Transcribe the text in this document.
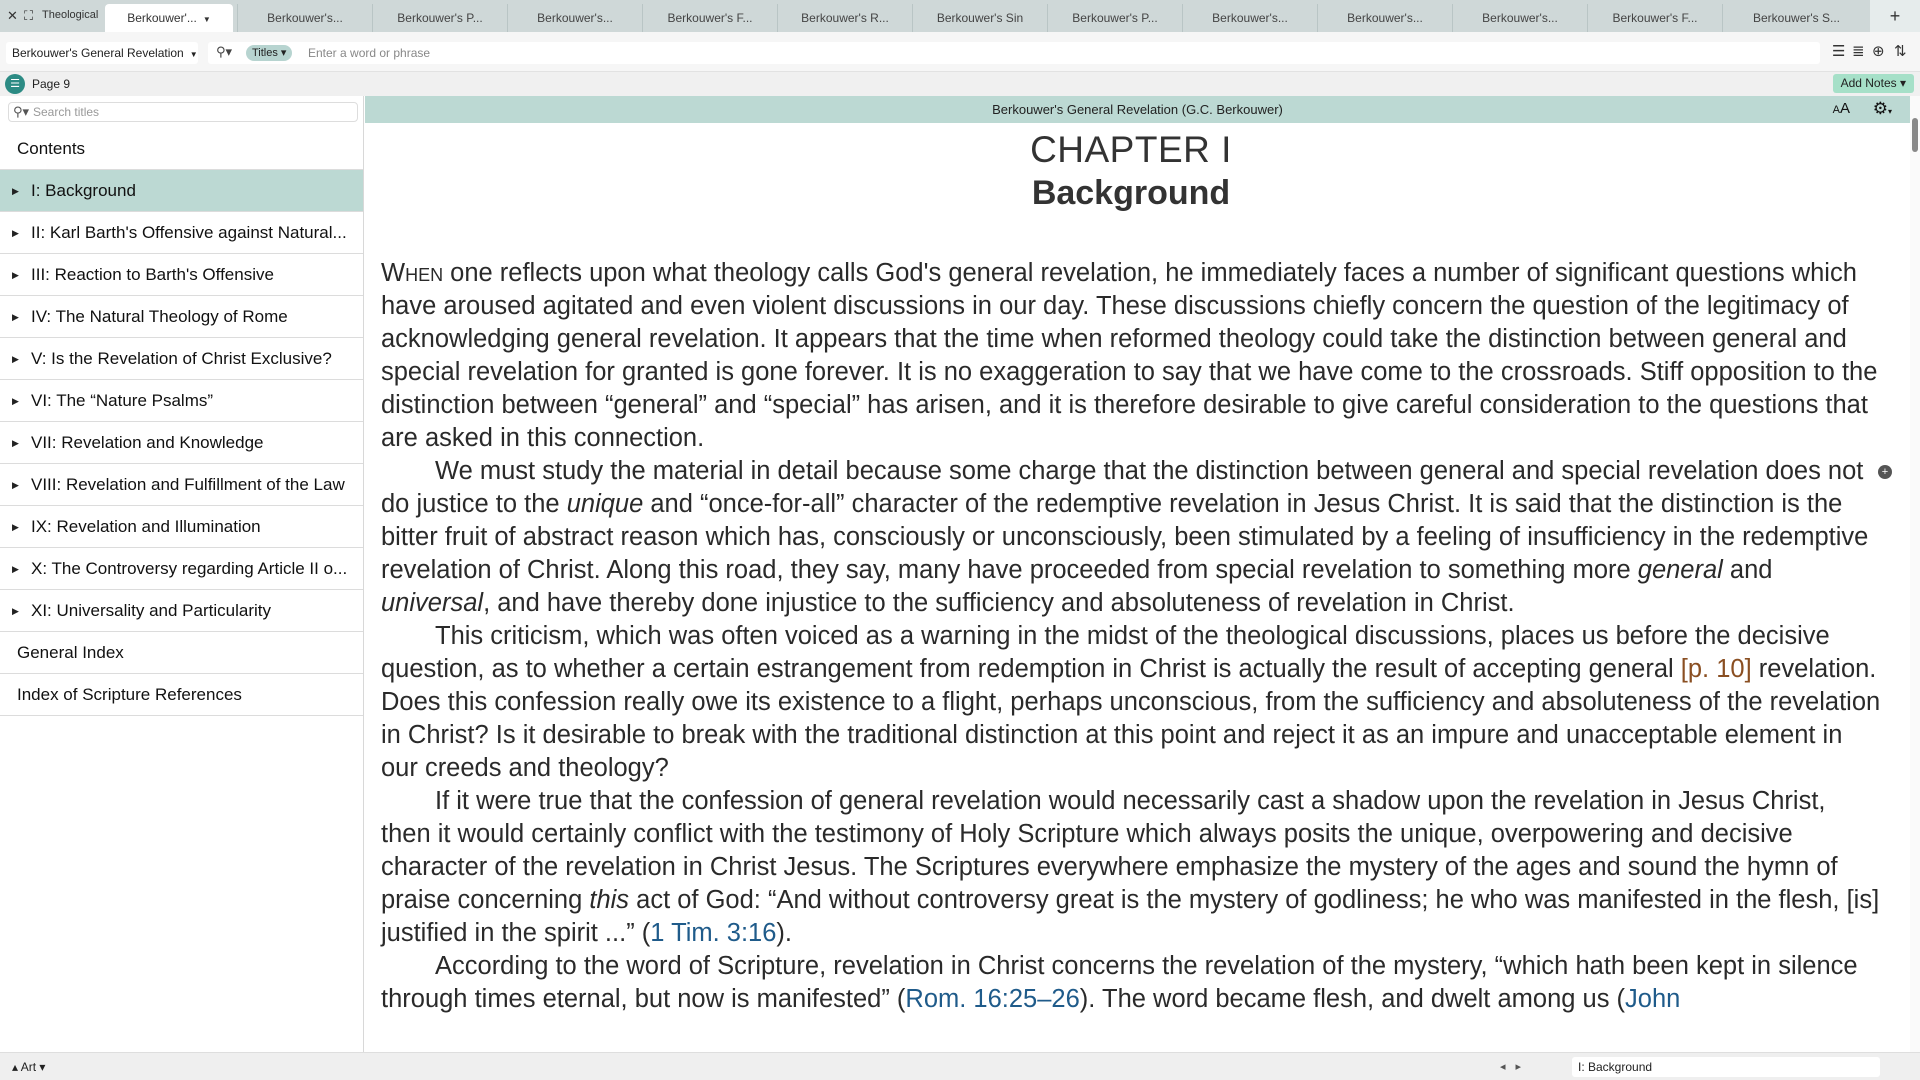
✕ ⛶ Theological	Berkouwer'... ▼	Berkouwer's...	Berkouwer's P...	Berkouwer's...	Berkouwer's F...	Berkouwer's R...	Berkouwer's Sin	Berkouwer's P...	Berkouwer's...	Berkouwer's...	Berkouwer's...	Berkouwer's F...	Berkouwer's S...	+
Berkouwer's General Revelation ▼ ⚲▾	Titles ▾
Enter a word or phrase	☰ ≣ ⊕ ⇅
☰	Page 9	Add Notes ▾
⚲▾
Search titles
Contents
▶ I: Background
▶ II: Karl Barth's Offensive against Natural...
▶ III: Reaction to Barth's Offensive
▶ IV: The Natural Theology of Rome
▶ V: Is the Revelation of Christ Exclusive?
▶ VI: The “Nature Psalms”
▶ VII: Revelation and Knowledge
▶ VIII: Revelation and Fulfillment of the Law
▶ IX: Revelation and Illumination
▶ X: The Controversy regarding Article II o...
▶ XI: Universality and Particularity
General Index
Index of Scripture References
Berkouwer's General Revelation (G.C. Berkouwer)	AA ⚙▾
CHAPTER I
Background

When one reflects upon what theology calls God's general revelation, he immediately faces a number of significant questions which have aroused agitated and even violent discussions in our day. These discussions chiefly concern the question of the legitimacy of acknowledging general revelation. It appears that the time when reformed theology could take the distinction between general and special revelation for granted is gone forever. It is no exaggeration to say that we have come to the crossroads. Stiff opposition to the distinction between “general” and “special” has arisen, and it is therefore desirable to give careful consideration to the questions that are asked in this connection.

We must study the material in detail because some charge that the distinction between general and special revelation does not do justice to the unique and “once-for-all” character of the redemptive revelation in Jesus Christ. It is said that the distinction is the bitter fruit of abstract reason which has, consciously or unconsciously, been stimulated by a feeling of insufficiency in the redemptive revelation of Christ. Along this road, they say, many have proceeded from special revelation to something more general and universal, and have thereby done injustice to the sufficiency and absoluteness of revelation in Christ.

This criticism, which was often voiced as a warning in the midst of the theological discussions, places us before the decisive question, as to whether a certain estrangement from redemption in Christ is actually the result of accepting general [p. 10] revelation. Does this confession really owe its existence to a flight, perhaps unconscious, from the sufficiency and absoluteness of the revelation in Christ? Is it desirable to break with the traditional distinction at this point and reject it as an impure and unacceptable element in our creeds and theology?

If it were true that the confession of general revelation would necessarily cast a shadow upon the revelation in Jesus Christ, then it would certainly conflict with the testimony of Holy Scripture which always posits the unique, overpowering and decisive character of the revelation in Christ Jesus. The Scriptures everywhere emphasize the mystery of the ages and sound the hymn of praise concerning this act of God: “And without controversy great is the mystery of godliness; he who was manifested in the flesh, [is] justified in the spirit ...” (1 Tim. 3:16).

According to the word of Scripture, revelation in Christ concerns the revelation of the mystery, “which hath been kept in silence through times eternal, but now is manifested” (Rom. 16:25–26). The word became flesh, and dwelt among us (John

+
▴ Art ▾	◂▸	I: Background
